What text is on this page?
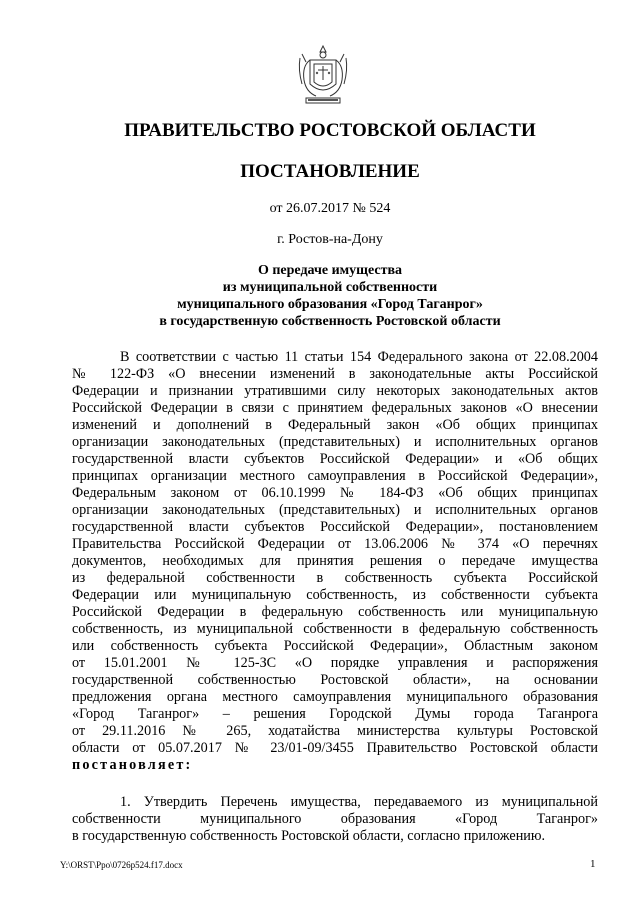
ПРАВИТЕЛЬСТВО РОСТОВСКОЙ ОБЛАСТИ
ПОСТАНОВЛЕНИЕ
от 26.07.2017 № 524
г. Ростов-на-Дону
О передаче имущества
из муниципальной собственности
муниципального образования «Город Таганрог»
в государственную собственность Ростовской области
В соответствии с частью 11 статьи 154 Федерального закона от 22.08.2004
№ 122-ФЗ «О внесении изменений в законодательные акты Российской
Федерации и признании утратившими силу некоторых законодательных актов
Российской Федерации в связи с принятием федеральных законов «О внесении
изменений и дополнений в Федеральный закон «Об общих принципах
организации законодательных (представительных) и исполнительных органов
государственной власти субъектов Российской Федерации» и «Об общих
принципах организации местного самоуправления в Российской Федерации»,
Федеральным законом от 06.10.1999 № 184-ФЗ «Об общих принципах
организации законодательных (представительных) и исполнительных органов
государственной власти субъектов Российской Федерации», постановлением
Правительства Российской Федерации от 13.06.2006 № 374 «О перечнях
документов, необходимых для принятия решения о передаче имущества
из федеральной собственности в собственность субъекта Российской
Федерации или муниципальную собственность, из собственности субъекта
Российской Федерации в федеральную собственность или муниципальную
собственность, из муниципальной собственности в федеральную собственность
или собственность субъекта Российской Федерации», Областным законом
от 15.01.2001 № 125-ЗС «О порядке управления и распоряжения
государственной собственностью Ростовской области», на основании
предложения органа местного самоуправления муниципального образования
«Город Таганрог» – решения Городской Думы города Таганрога
от 29.11.2016 № 265, ходатайства министерства культуры Ростовской
области от 05.07.2017 № 23/01-09/3455 Правительство Ростовской области
постановляет:
1. Утвердить Перечень имущества, передаваемого из муниципальной
собственности муниципального образования «Город Таганрог»
в государственную собственность Ростовской области, согласно приложению.
Y:\ORST\Ppo\0726p524.f17.docx	1
